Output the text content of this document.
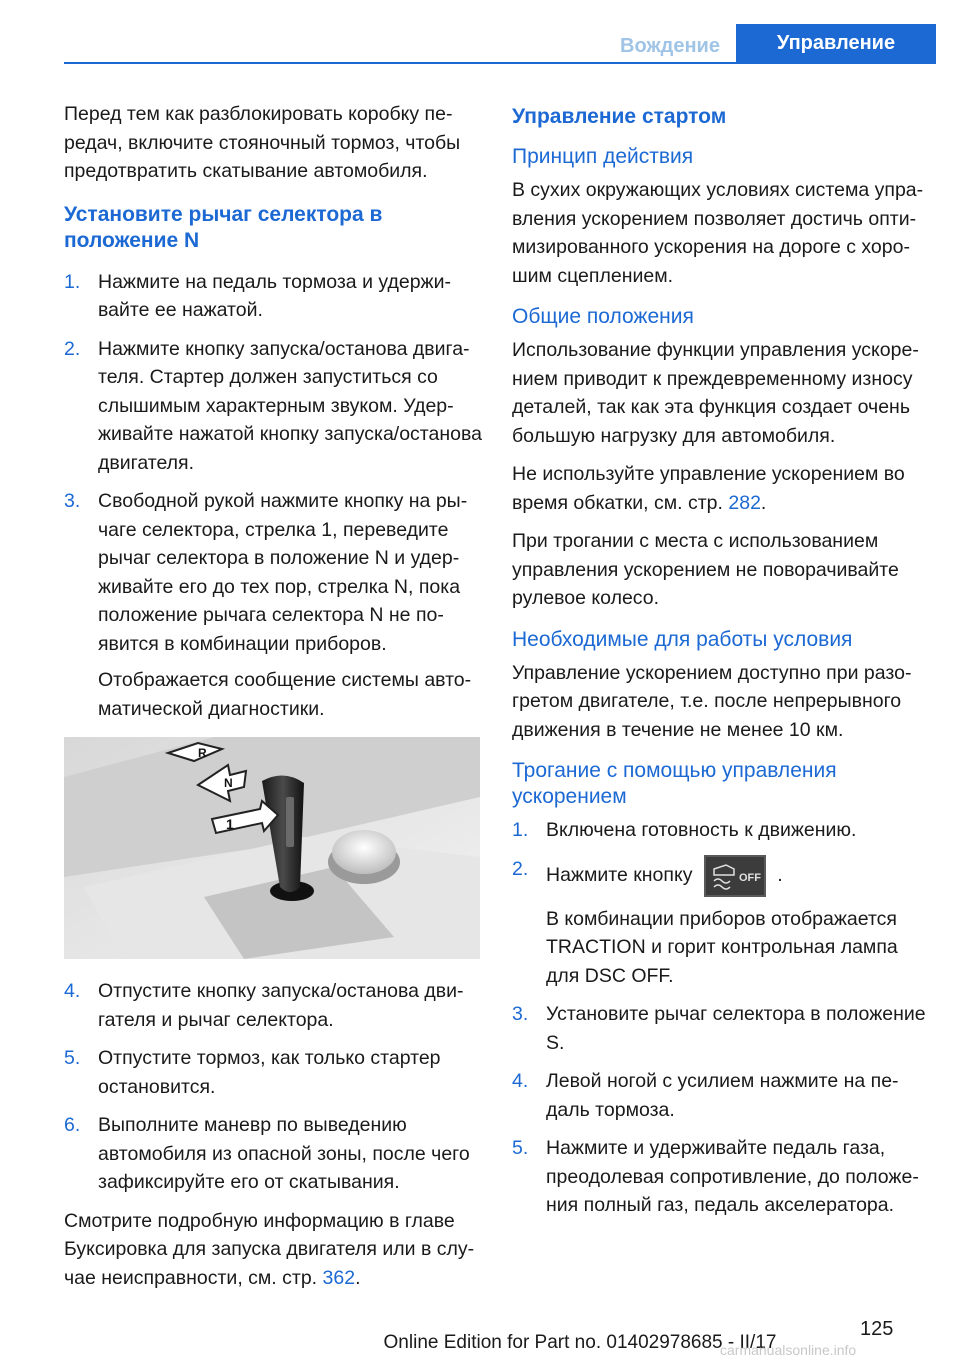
Вождение	Управление

Перед тем как разблокировать коробку передач, включите стояночный тормоз, чтобы предотвратить скатывание автомобиля.

Установите рычаг селектора в положение N
1. Нажмите на педаль тормоза и удерживайте ее нажатой.
2. Нажмите кнопку запуска/останова двигателя. Стартер должен запуститься со слышимым характерным звуком. Удерживайте нажатой кнопку запуска/останова двигателя.
3. Свободной рукой нажмите кнопку на рычаге селектора, стрелка 1, переведите рычаг селектора в положение N и удерживайте его до тех пор, стрелка N, пока положение рычага селектора N не появится в комбинации приборов.
Отображается сообщение системы автоматической диагностики.
R
N
1
4. Отпустите кнопку запуска/останова двигателя и рычаг селектора.
5. Отпустите тормоз, как только стартер остановится.
6. Выполните маневр по выведению автомобиля из опасной зоны, после чего зафиксируйте его от скатывания.

Смотрите подробную информацию в главе Буксировка для запуска двигателя или в случае неисправности, см. стр. 362.

Управление стартом
Принцип действия

В сухих окружающих условиях система управления ускорением позволяет достичь оптимизированного ускорения на дороге с хорошим сцеплением.

Общие положения

Использование функции управления ускорением приводит к преждевременному износу деталей, так как эта функция создает очень большую нагрузку для автомобиля.

Не используйте управление ускорением во время обкатки, см. стр. 282.

При трогании с места с использованием управления ускорением не поворачивайте рулевое колесо.

Необходимые для работы условия

Управление ускорением доступно при разогретом двигателе, т.е. после непрерывного движения в течение не менее 10 км.

Трогание с помощью управления ускорением
1. Включена готовность к движению.
2. Нажмите кнопку	OFF .
В комбинации приборов отображается TRACTION и горит контрольная лампа для DSC OFF.
3. Установите рычаг селектора в положение S.
4. Левой ногой с усилием нажмите на педаль тормоза.
5. Нажмите и удерживайте педаль газа, преодолевая сопротивление, до положения полный газ, педаль акселератора.
125
Online Edition for Part no. 01402978685 - II/17
carmanualsonline.info
